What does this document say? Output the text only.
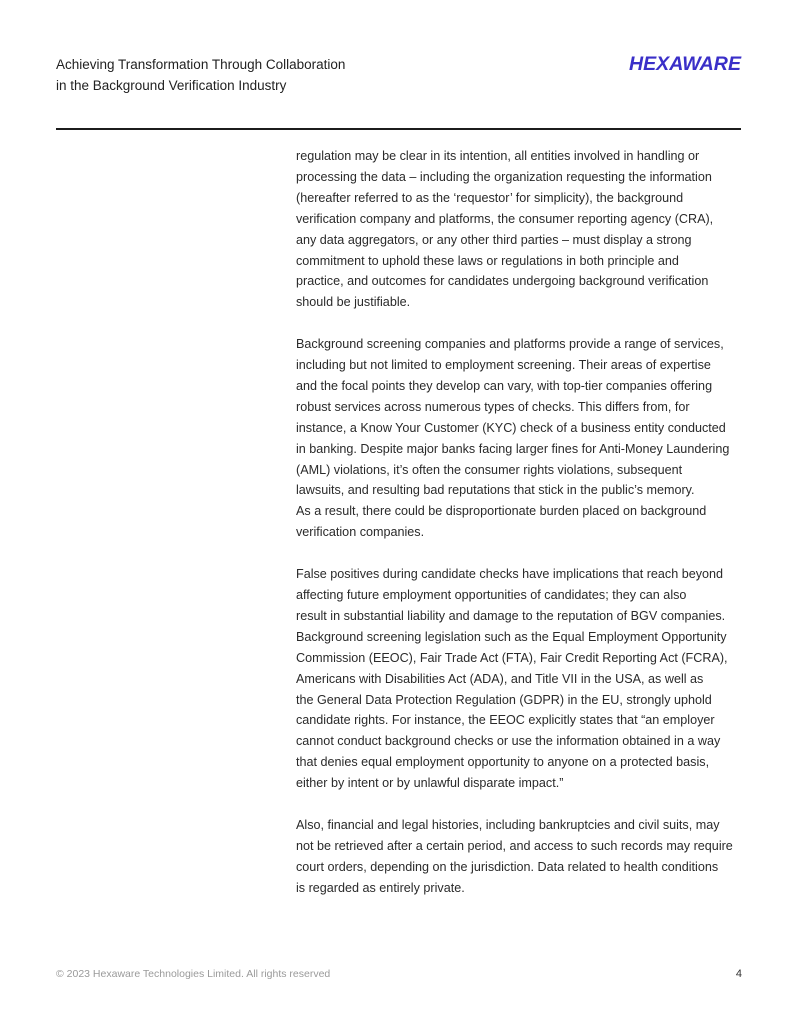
Achieving Transformation Through Collaboration
in the Background Verification Industry
HEXAWARE
regulation may be clear in its intention, all entities involved in handling or
processing the data – including the organization requesting the information
(hereafter referred to as the ‘requestor’ for simplicity), the background
verification company and platforms, the consumer reporting agency (CRA),
any data aggregators, or any other third parties – must display a strong
commitment to uphold these laws or regulations in both principle and
practice, and outcomes for candidates undergoing background verification
should be justifiable.
Background screening companies and platforms provide a range of services,
including but not limited to employment screening. Their areas of expertise
and the focal points they develop can vary, with top-tier companies offering
robust services across numerous types of checks. This differs from, for
instance, a Know Your Customer (KYC) check of a business entity conducted
in banking. Despite major banks facing larger fines for Anti-Money Laundering
(AML) violations, it’s often the consumer rights violations, subsequent
lawsuits, and resulting bad reputations that stick in the public’s memory.
As a result, there could be disproportionate burden placed on background
verification companies.
False positives during candidate checks have implications that reach beyond
affecting future employment opportunities of candidates; they can also
result in substantial liability and damage to the reputation of BGV companies.
Background screening legislation such as the Equal Employment Opportunity
Commission (EEOC), Fair Trade Act (FTA), Fair Credit Reporting Act (FCRA),
Americans with Disabilities Act (ADA), and Title VII in the USA, as well as
the General Data Protection Regulation (GDPR) in the EU, strongly uphold
candidate rights. For instance, the EEOC explicitly states that “an employer
cannot conduct background checks or use the information obtained in a way
that denies equal employment opportunity to anyone on a protected basis,
either by intent or by unlawful disparate impact.”
Also, financial and legal histories, including bankruptcies and civil suits, may
not be retrieved after a certain period, and access to such records may require
court orders, depending on the jurisdiction. Data related to health conditions
is regarded as entirely private.
© 2023 Hexaware Technologies Limited. All rights reserved	4
